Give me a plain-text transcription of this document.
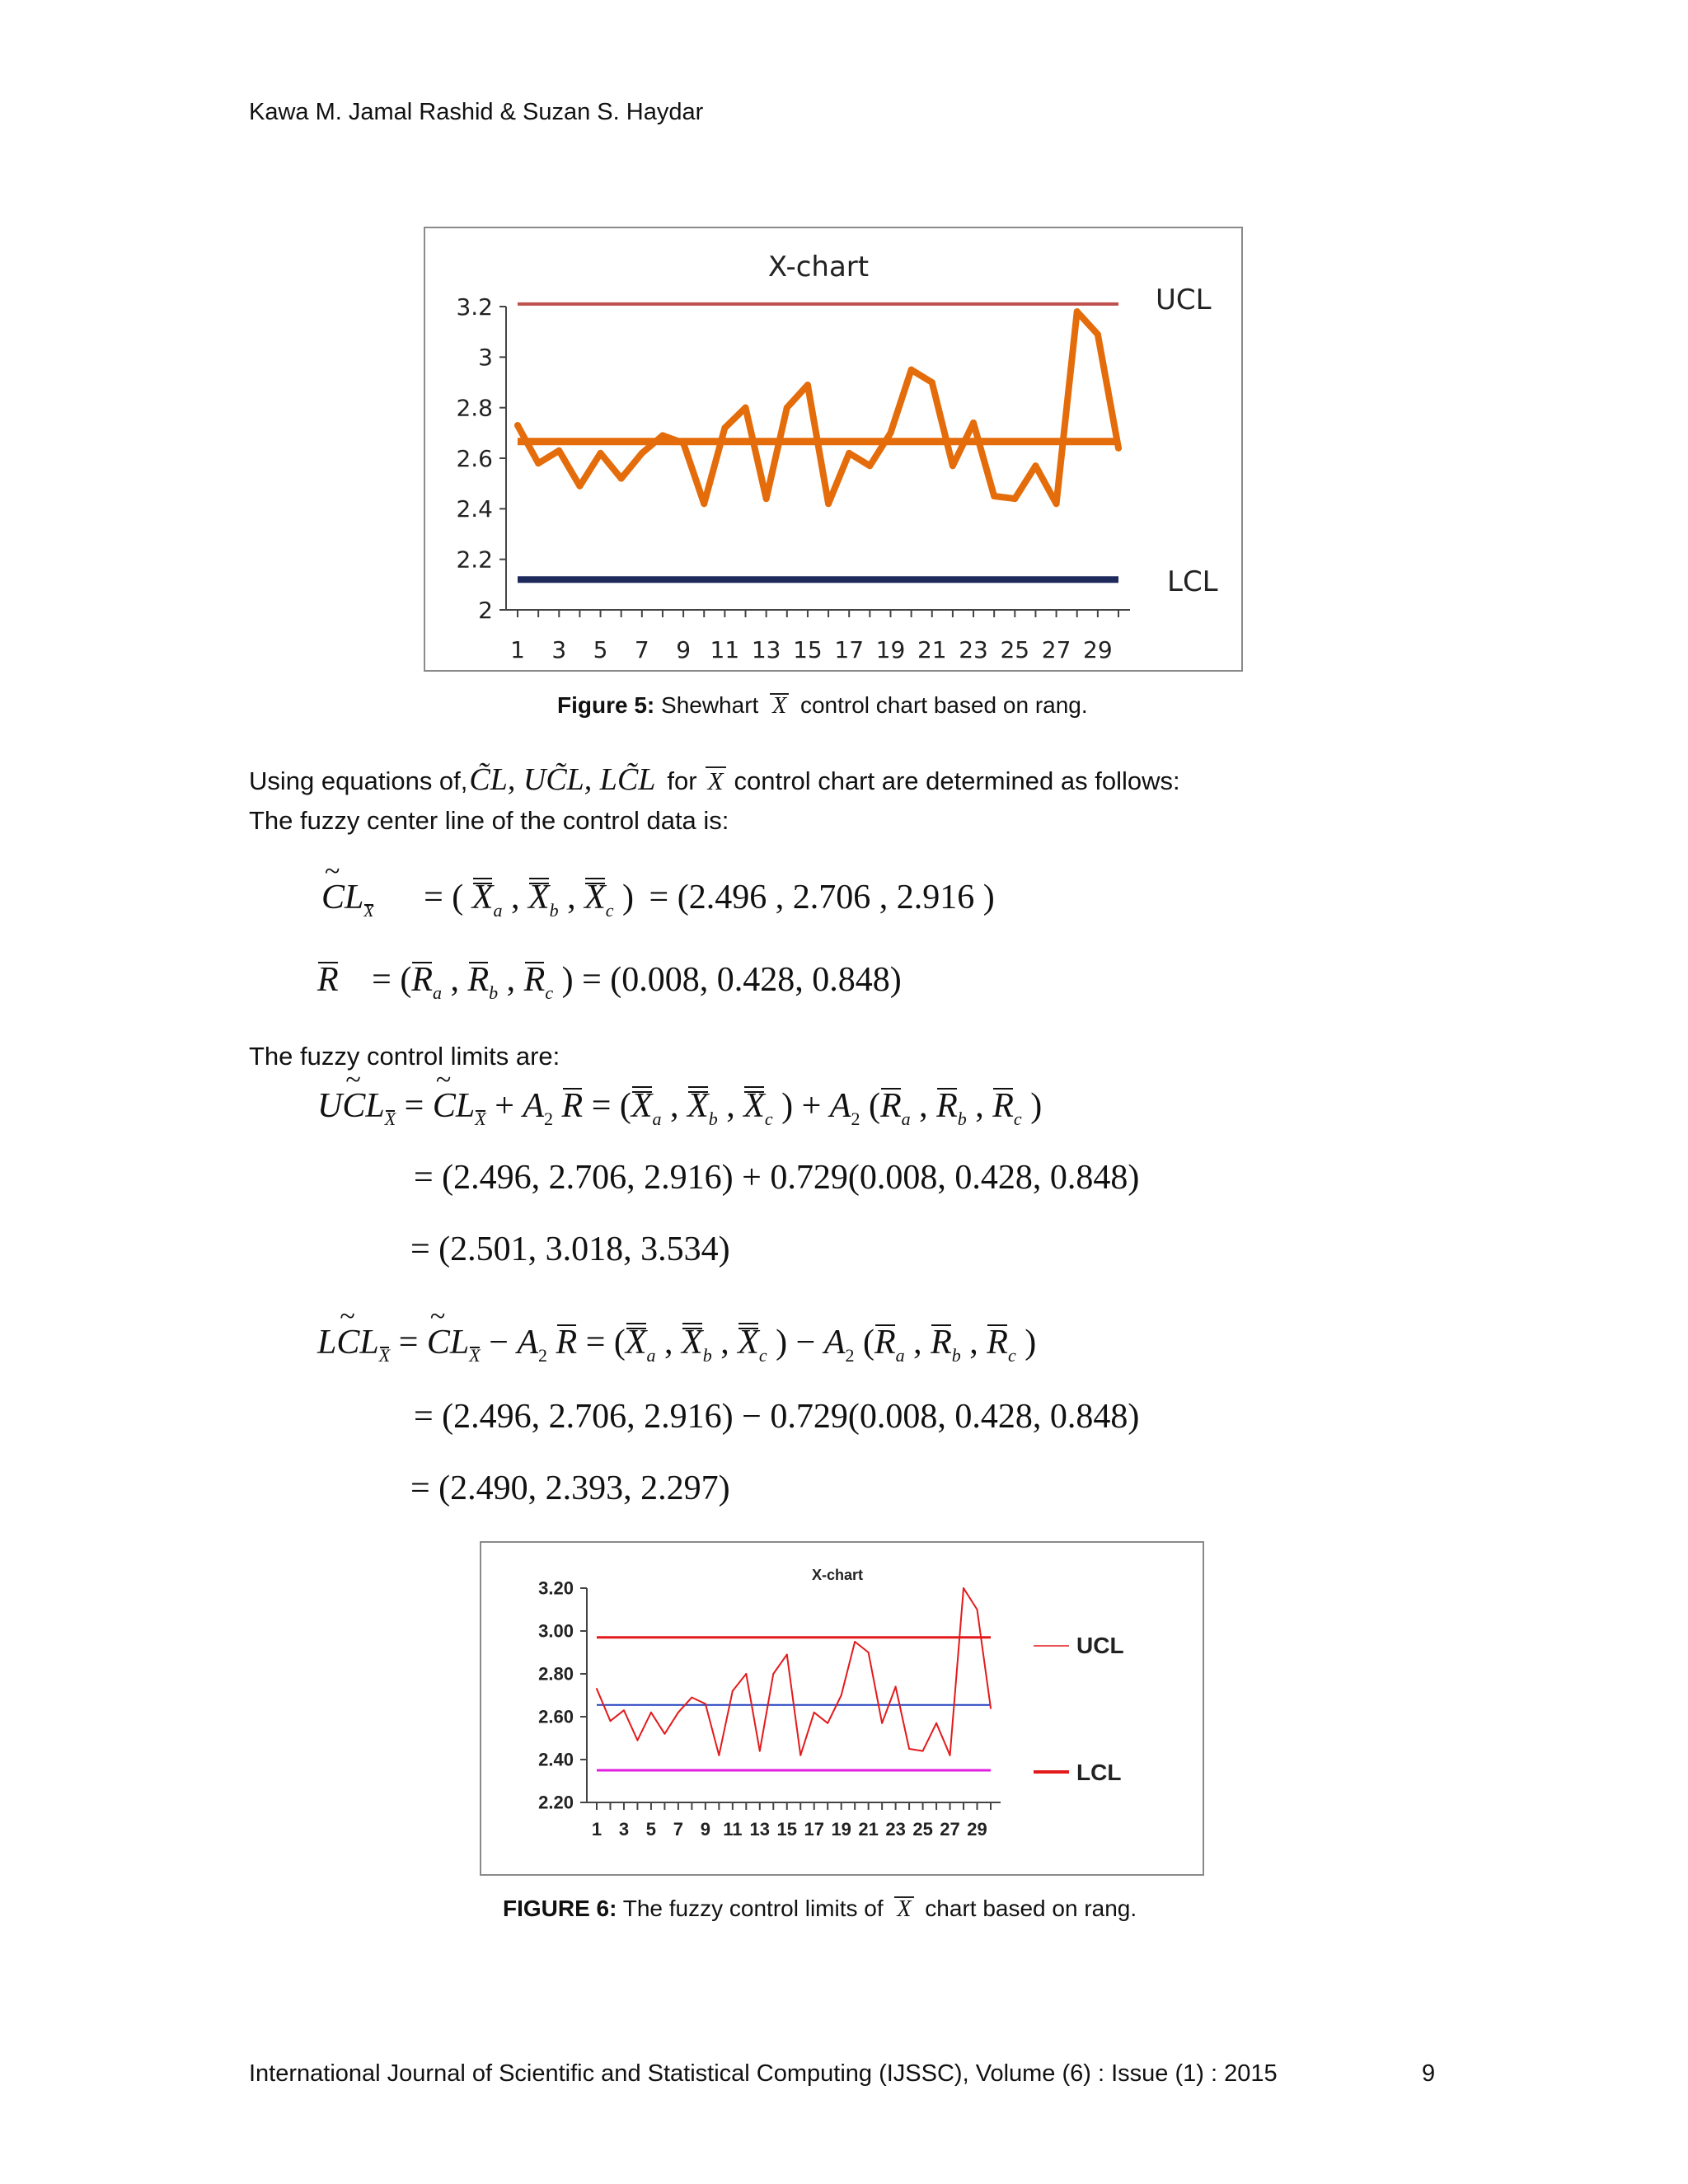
Kawa M. Jamal Rashid & Suzan S. Haydar
X-chart
3.2
3
2.8
2.6
2.4
2.2
2
1 3 5 7 9 11 13 15 17 19 21 23 25 27 29
UCL
LCL
Figure 5: Shewhart X control chart based on rang.
Using equations of,C̃L, UC̃L, LC̃L for X control chart are determined as follows:
The fuzzy center line of the control data is:
~ $CL_X$ = ( $X_a$ , $X_b$ , $X_c$ ) = (2.496 , 2.706 , 2.916 )
$R = (R_a$ , $R_b$ , $R_c$ ) = (0.008, 0.428, 0.848)
The fuzzy control limits are:
U~ $CL_X$ = ~ $CL_X + A_2$ $R = (X_a$ , $X_b$ , $X_c$ ) + $A_2$ ($R_a$ , $R_b$ , $R_c$ )
= (2.496, 2.706, 2.916) + 0.729(0.008, 0.428, 0.848)
= (2.501, 3.018, 3.534)
L~ $CL_X$ = ~ $CL_X - A_2$ $R = (X_a$ , $X_b$ , $X_c$ ) − $A_2$ ($R_a$ , $R_b$ , $R_c$ )
= (2.496, 2.706, 2.916) − 0.729(0.008, 0.428, 0.848)
= (2.490, 2.393, 2.297)
X-chart
3.20
3.00
2.80
2.60
2.40
2.20
1 3 5 7 9 11 13 15 17 19 21 23 25 27 29
UCL
LCL
FIGURE 6: The fuzzy control limits of X chart based on rang.
International Journal of Scientific and Statistical Computing (IJSSC), Volume (6) : Issue (1) : 2015	9
